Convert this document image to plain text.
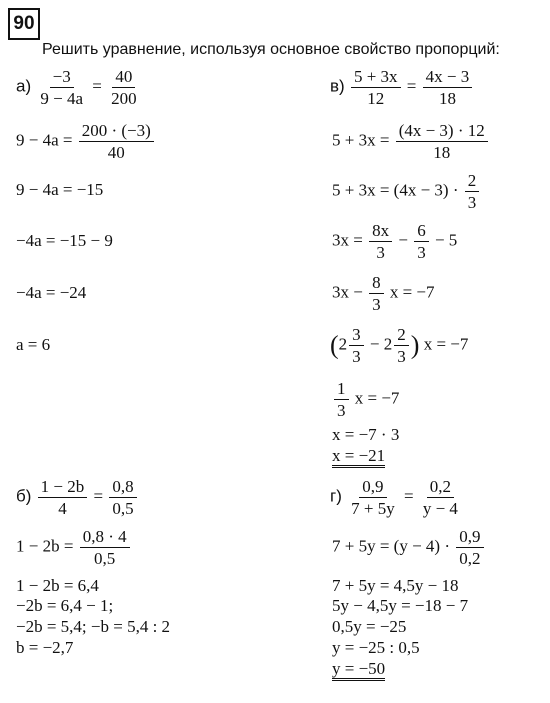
90
Решить уравнение, используя основное свойство пропорций:
$а) \frac{-3}{9 - 4a} = \frac{40}{200}$
$9 - 4a = \frac{200 \cdot (-3)}{40}$
9 − 4a = −15
−4a = −15 − 9
−4a = −24
a = 6
$в) \frac{5 + 3x}{12} = \frac{4x - 3}{18}$
$5 + 3x = \frac{(4x - 3) \cdot 12}{18}$
$5 + 3x = (4x - 3) \cdot \frac{2}{3}$
$3x = \frac{8x}{3} - \frac{6}{3} - 5$
$3x - \frac{8}{3}$ x = −7
($2 \frac{3}{3} - 2 \frac{2}{3}$ ) x = −7
$\frac{1}{3}$ x = −7
x = −7 · 3
x = −21
$б) \frac{1 - 2b}{4} = \frac{0,8}{0,5}$
$1 - 2b = \frac{0,8 \cdot 4}{0,5}$
1 − 2b = 6,4
−2b = 6,4 − 1;
−2b = 5,4; −b = 5,4 : 2
b = −2,7
$г) \frac{0,9}{7 + 5y} = \frac{0,2}{y - 4}$
$7 + 5y = (y - 4) \cdot \frac{0,9}{0,2}$
7 + 5y = 4,5y − 18
5y − 4,5y = −18 − 7
0,5y = −25
y = −25 : 0,5
y = −50
